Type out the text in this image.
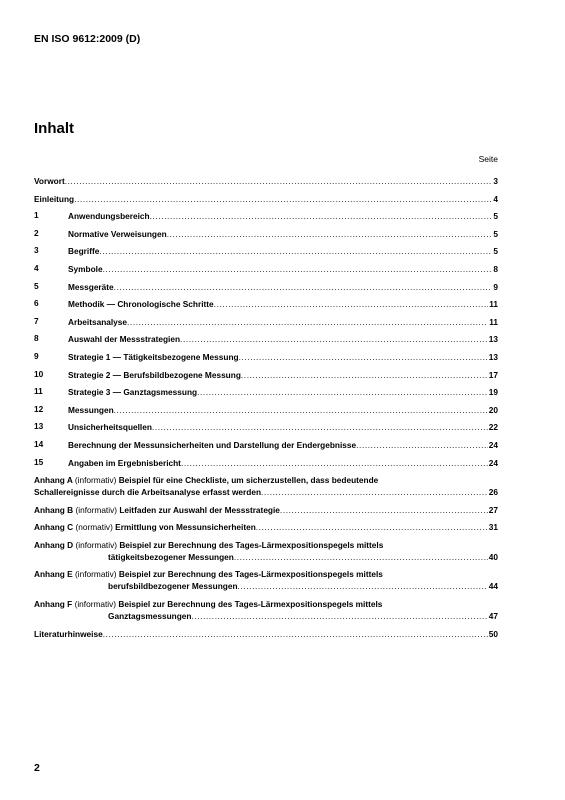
EN ISO 9612:2009 (D)
Inhalt
Seite
Vorwort .....	3
Einleitung .....	4
1	Anwendungsbereich .....	5
2	Normative Verweisungen .....	5
3	Begriffe .....	5
4	Symbole .....	8
5	Messgeräte .....	9
6	Methodik — Chronologische Schritte .....	11
7	Arbeitsanalyse .....	11
8	Auswahl der Messstrategien .....	13
9	Strategie 1 — Tätigkeitsbezogene Messung .....	13
10	Strategie 2 — Berufsbildbezogene Messung .....	17
11	Strategie 3 — Ganztagsmessung .....	19
12	Messungen .....	20
13	Unsicherheitsquellen .....	22
14	Berechnung der Messunsicherheiten und Darstellung der Endergebnisse .....	24
15	Angaben im Ergebnisbericht .....	24
Anhang A (informativ) Beispiel für eine Checkliste, um sicherzustellen, dass bedeutende
Schallereignisse durch die Arbeitsanalyse erfasst werden .....	26
Anhang B (informativ) Leitfaden zur Auswahl der Messstrategie .....	27
Anhang C (normativ) Ermittlung von Messunsicherheiten .....	31
Anhang D (informativ) Beispiel zur Berechnung des Tages-Lärmexpositionspegels mittels
tätigkeitsbezogener Messungen .....	40
Anhang E (informativ) Beispiel zur Berechnung des Tages-Lärmexpositionspegels mittels
berufsbildbezogener Messungen .....	44
Anhang F (informativ) Beispiel zur Berechnung des Tages-Lärmexpositionspegels mittels
Ganztagsmessungen .....	47
Literaturhinweise .....	50
2
